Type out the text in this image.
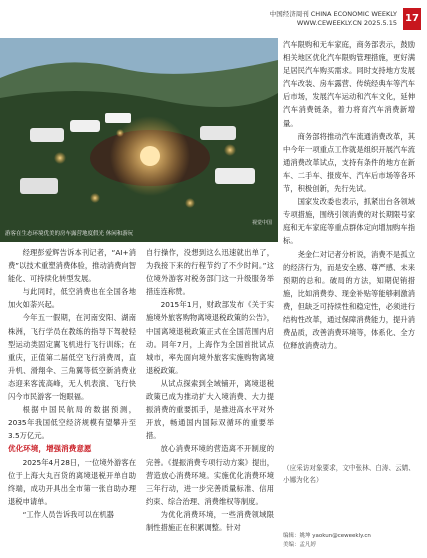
中国经济周刊 CHINA ECONOMIC WEEKLY
WWW.CEWEEKLY.CN 2025.5.15 17
视觉中国
游客在生态环境优美的房车露营地度假光 休闲和游玩

经理彭爱辉告诉本刊记者，“AI+消费”以技术重塑消费体验，推动消费向智能化、可持续化转型发展。

与此同时，低空消费也在全国各地加火如荼兴起。

今年五一假期，在河南安阳、湖南株洲，飞行学员在教练的指导下驾驶轻型运动类固定翼飞机进行飞行训练；在重庆，正值第二届低空飞行消费周，直升机、滑翔伞、三角翼等低空新消费业态迎来客流高峰，无人机表演、飞行快闪今市民游客一饱眼福。

根据中国民航局的数据预测，2035年我国低空经济规模有望攀升至3.5万亿元。

优化环境，增强消费意愿

2025年4月28日，一位境外游客在位于上海大丸百货的离境退税开单自助终端，成功开具出全市第一张自助办理退税申请单。

“工作人员告诉我可以在机器

自行操作，没想到这么迅速就出单了，为我接下来的行程节约了不少时间。”这位境外游客对税务部门这一升级服务举措连连称赞。

2015年1月，财政部发布《关于实施境外旅客购物离境退税政策的公告》，中国离境退税政策正式在全国范围内启动。同年7月，上海作为全国首批试点城市，率先面向境外旅客实施购物离境退税政策。

从试点探索到全域铺开，离境退税政策已成为推动扩大入境消费、大力提振消费的重要抓手，是推进高水平对外开放，畅通国内国际双循环的重要举措。

放心消费环境的营造离不开制度的完善。《提振消费专项行动方案》提出，营造放心消费环境。实施优化消费环境三年行动，进一步完善质量标准、信用约束、综合治理、消费维权等制度。

为优化消费环境，一些消费领域限制性措施正在积累调整。针对

汽车限购和无车家庭，商务部表示，鼓励相关地区优化汽车限购管理措施，更好满足居民汽车购买需求。同时支持地方发展汽车改装、房车露营、传统经典车等汽车后市场，发展汽车运动和汽车文化，延伸汽车消费链条，着力将育汽车消费新增量。

商务部将推动汽车流通消费改革，其中今年一项重点工作就是组织开展汽车流通消费改革试点，支持有条件的地方在新车、二手车、报废车、汽车后市场等各环节，积极创新，先行先试。

国家发改委也表示，抓紧出台各领域专项措施，围绕引领消费的对长期限号家庭和无车家庭等重点群体定向增加购车指标。

尧金仁对记者分析说，消费不是孤立的经济行为，而是安全感、尊严感、未来预期的总和。破局的方法，知期促销措施，比如消费券、现金补贴等能够刺激消费，但缺乏可持续性和稳定性，必须进行结构性改革，通过保障消费能力，提升消费品质，改善消费环境等，体系化、全方位释放消费动力。

（应采访对象要求，文中张林、白涛、云婧、小娜为化名）
编辑：姚坤 yaokun@ceweekly.cn
美编：孟凡婷
